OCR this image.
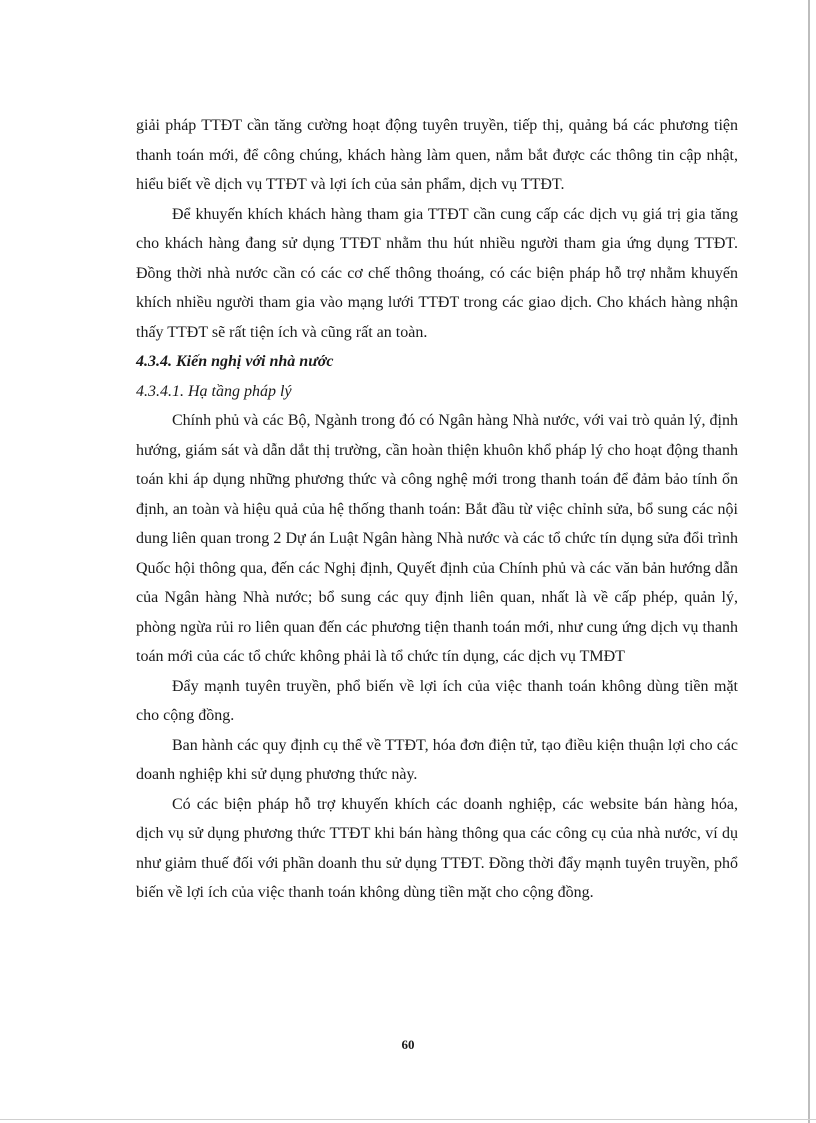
giải pháp TTĐT cần tăng cường hoạt động tuyên truyền, tiếp thị, quảng bá các phương tiện thanh toán mới, để công chúng, khách hàng làm quen, nắm bắt được các thông tin cập nhật, hiểu biết về dịch vụ TTĐT và lợi ích của sản phẩm, dịch vụ TTĐT.

Để khuyến khích khách hàng tham gia TTĐT cần cung cấp các dịch vụ giá trị gia tăng cho khách hàng đang sử dụng TTĐT nhằm thu hút nhiều người tham gia ứng dụng TTĐT. Đồng thời nhà nước cần có các cơ chế thông thoáng, có các biện pháp hỗ trợ nhằm khuyến khích nhiều người tham gia vào mạng lưới TTĐT trong các giao dịch. Cho khách hàng nhận thấy TTĐT sẽ rất tiện ích và cũng rất an toàn.

4.3.4. Kiến nghị với nhà nước

4.3.4.1. Hạ tầng pháp lý

Chính phủ và các Bộ, Ngành trong đó có Ngân hàng Nhà nước, với vai trò quản lý, định hướng, giám sát và dẫn dắt thị trường, cần hoàn thiện khuôn khổ pháp lý cho hoạt động thanh toán khi áp dụng những phương thức và công nghệ mới trong thanh toán để đảm bảo tính ổn định, an toàn và hiệu quả của hệ thống thanh toán: Bắt đầu từ việc chỉnh sửa, bổ sung các nội dung liên quan trong 2 Dự án Luật Ngân hàng Nhà nước và các tổ chức tín dụng sửa đổi trình Quốc hội thông qua, đến các Nghị định, Quyết định của Chính phủ và các văn bản hướng dẫn của Ngân hàng Nhà nước; bổ sung các quy định liên quan, nhất là về cấp phép, quản lý, phòng ngừa rủi ro liên quan đến các phương tiện thanh toán mới, như cung ứng dịch vụ thanh toán mới của các tổ chức không phải là tổ chức tín dụng, các dịch vụ TMĐT

Đẩy mạnh tuyên truyền, phổ biến về lợi ích của việc thanh toán không dùng tiền mặt cho cộng đồng.

Ban hành các quy định cụ thể về TTĐT, hóa đơn điện tử, tạo điều kiện thuận lợi cho các doanh nghiệp khi sử dụng phương thức này.

Có các biện pháp hỗ trợ khuyến khích các doanh nghiệp, các website bán hàng hóa, dịch vụ sử dụng phương thức TTĐT khi bán hàng thông qua các công cụ của nhà nước, ví dụ như giảm thuế đối với phần doanh thu sử dụng TTĐT. Đồng thời đẩy mạnh tuyên truyền, phổ biến về lợi ích của việc thanh toán không dùng tiền mặt cho cộng đồng.

60
